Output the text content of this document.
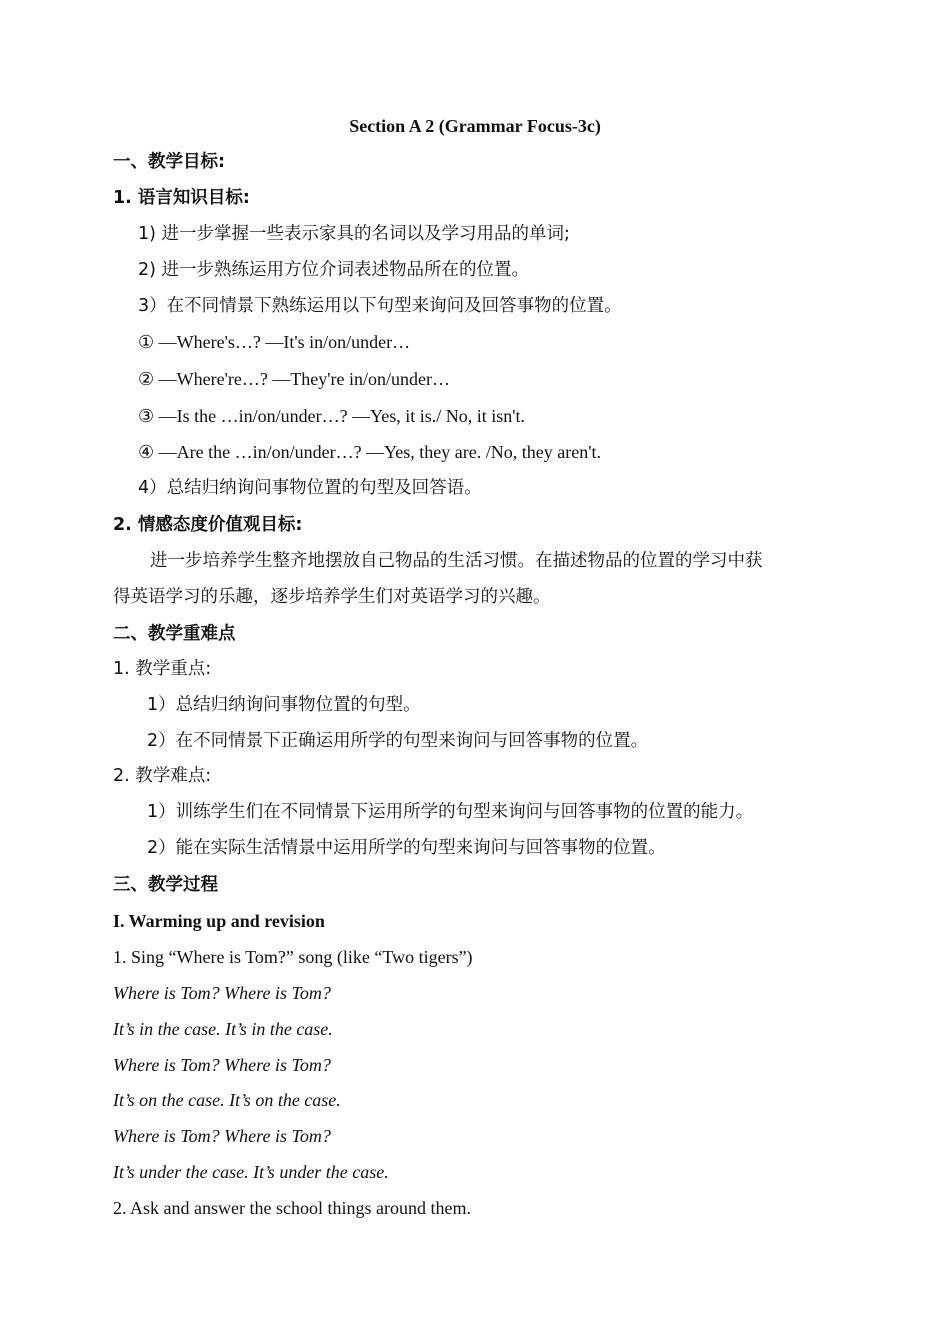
Section A 2 (Grammar Focus-3c)
一、教学目标:
1. 语言知识目标:
1) 进一步掌握一些表示家具的名词以及学习用品的单词;
2) 进一步熟练运用方位介词表述物品所在的位置。
3）在不同情景下熟练运用以下句型来询问及回答事物的位置。
① —Where's…? —It's in/on/under…
② —Where're…? —They're in/on/under…
③ —Is the …in/on/under…? —Yes, it is./ No, it isn't.
④ —Are the …in/on/under…? —Yes, they are. /No, they aren't.
4）总结归纳询问事物位置的句型及回答语。
2. 情感态度价值观目标:
进一步培养学生整齐地摆放自己物品的生活习惯。在描述物品的位置的学习中获
得英语学习的乐趣，逐步培养学生们对英语学习的兴趣。
二、教学重难点
1. 教学重点:
1）总结归纳询问事物位置的句型。
2）在不同情景下正确运用所学的句型来询问与回答事物的位置。
2. 教学难点:
1）训练学生们在不同情景下运用所学的句型来询问与回答事物的位置的能力。
2）能在实际生活情景中运用所学的句型来询问与回答事物的位置。
三、教学过程
I. Warming up and revision
1. Sing “Where is Tom?” song (like “Two tigers”)
Where is Tom? Where is Tom?
It’s in the case. It’s in the case.
Where is Tom? Where is Tom?
It’s on the case. It’s on the case.
Where is Tom? Where is Tom?
It’s under the case. It’s under the case.
2. Ask and answer the school things around them.
